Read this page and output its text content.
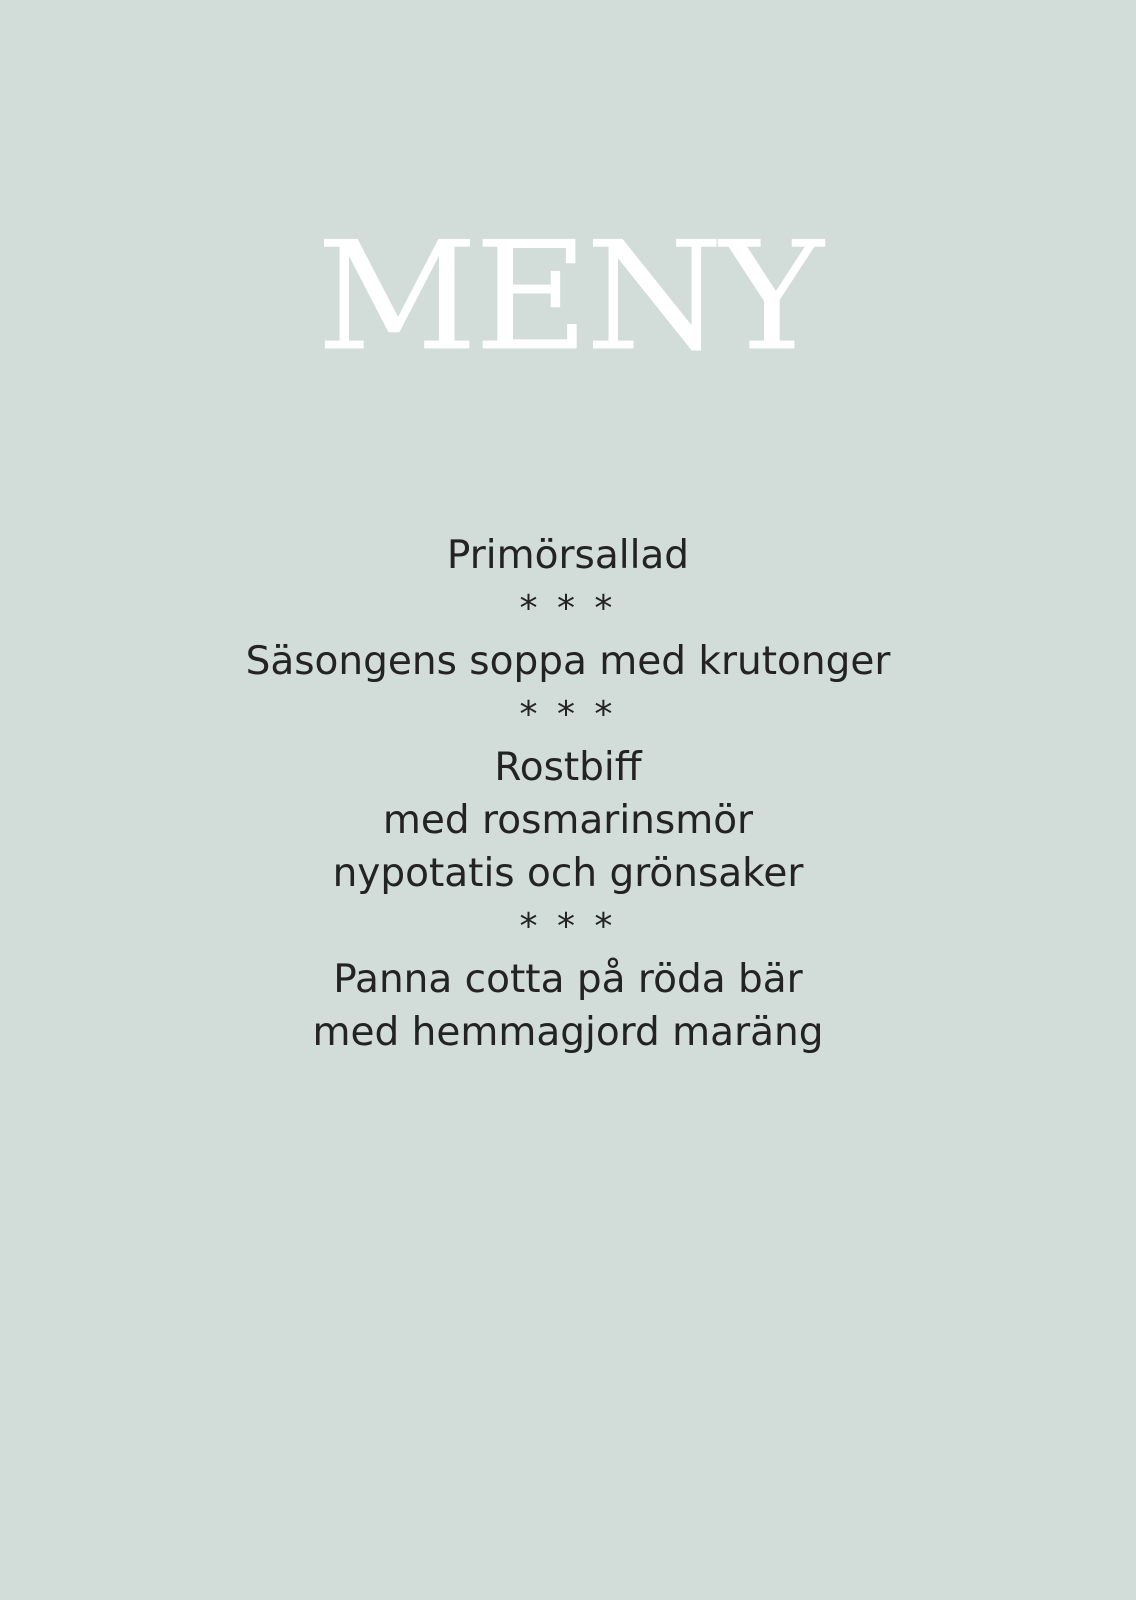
MENY
Primörsallad
* * *
Säsongens soppa med krutonger
* * *
Rostbiff
med rosmarinsmör
nypotatis och grönsaker
* * *
Panna cotta på röda bär
med hemmagjord maräng
